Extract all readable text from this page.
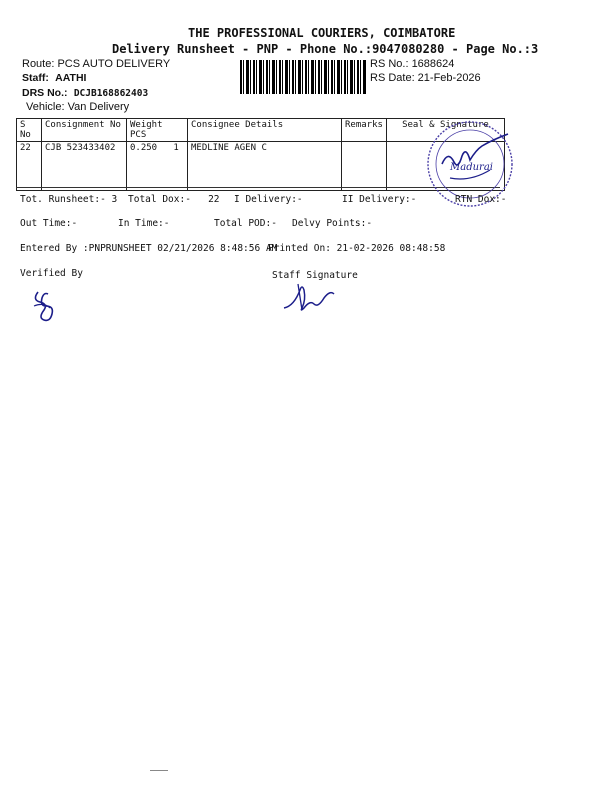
THE PROFESSIONAL COURIERS, COIMBATORE
Delivery Runsheet - PNP - Phone No.:9047080280 - Page No.:3
Route: PCS AUTO DELIVERY
Staff: AATHI
DRS No.: DCJB168862403
Vehicle: Van Delivery
RS No.: 1688624
RS Date: 21-Feb-2026
S No	Consignment No	Weight  PCS	Consignee Details	Remarks	Seal & Signature
22	CJB 523433402	0.250 1	MEDLINE AGEN C		
Madurai
Tot. Runsheet:- 3 Total Dox:-   22 I Delivery:-	II Delivery:-	RTN Dox:-
Out Time:-	In Time:-	Total POD:- Delvy Points:-
Entered By :PNPRUNSHEET 02/21/2026 8:48:56 AM
Printed On: 21-02-2026 08:48:58
Verified By	Staff Signature
